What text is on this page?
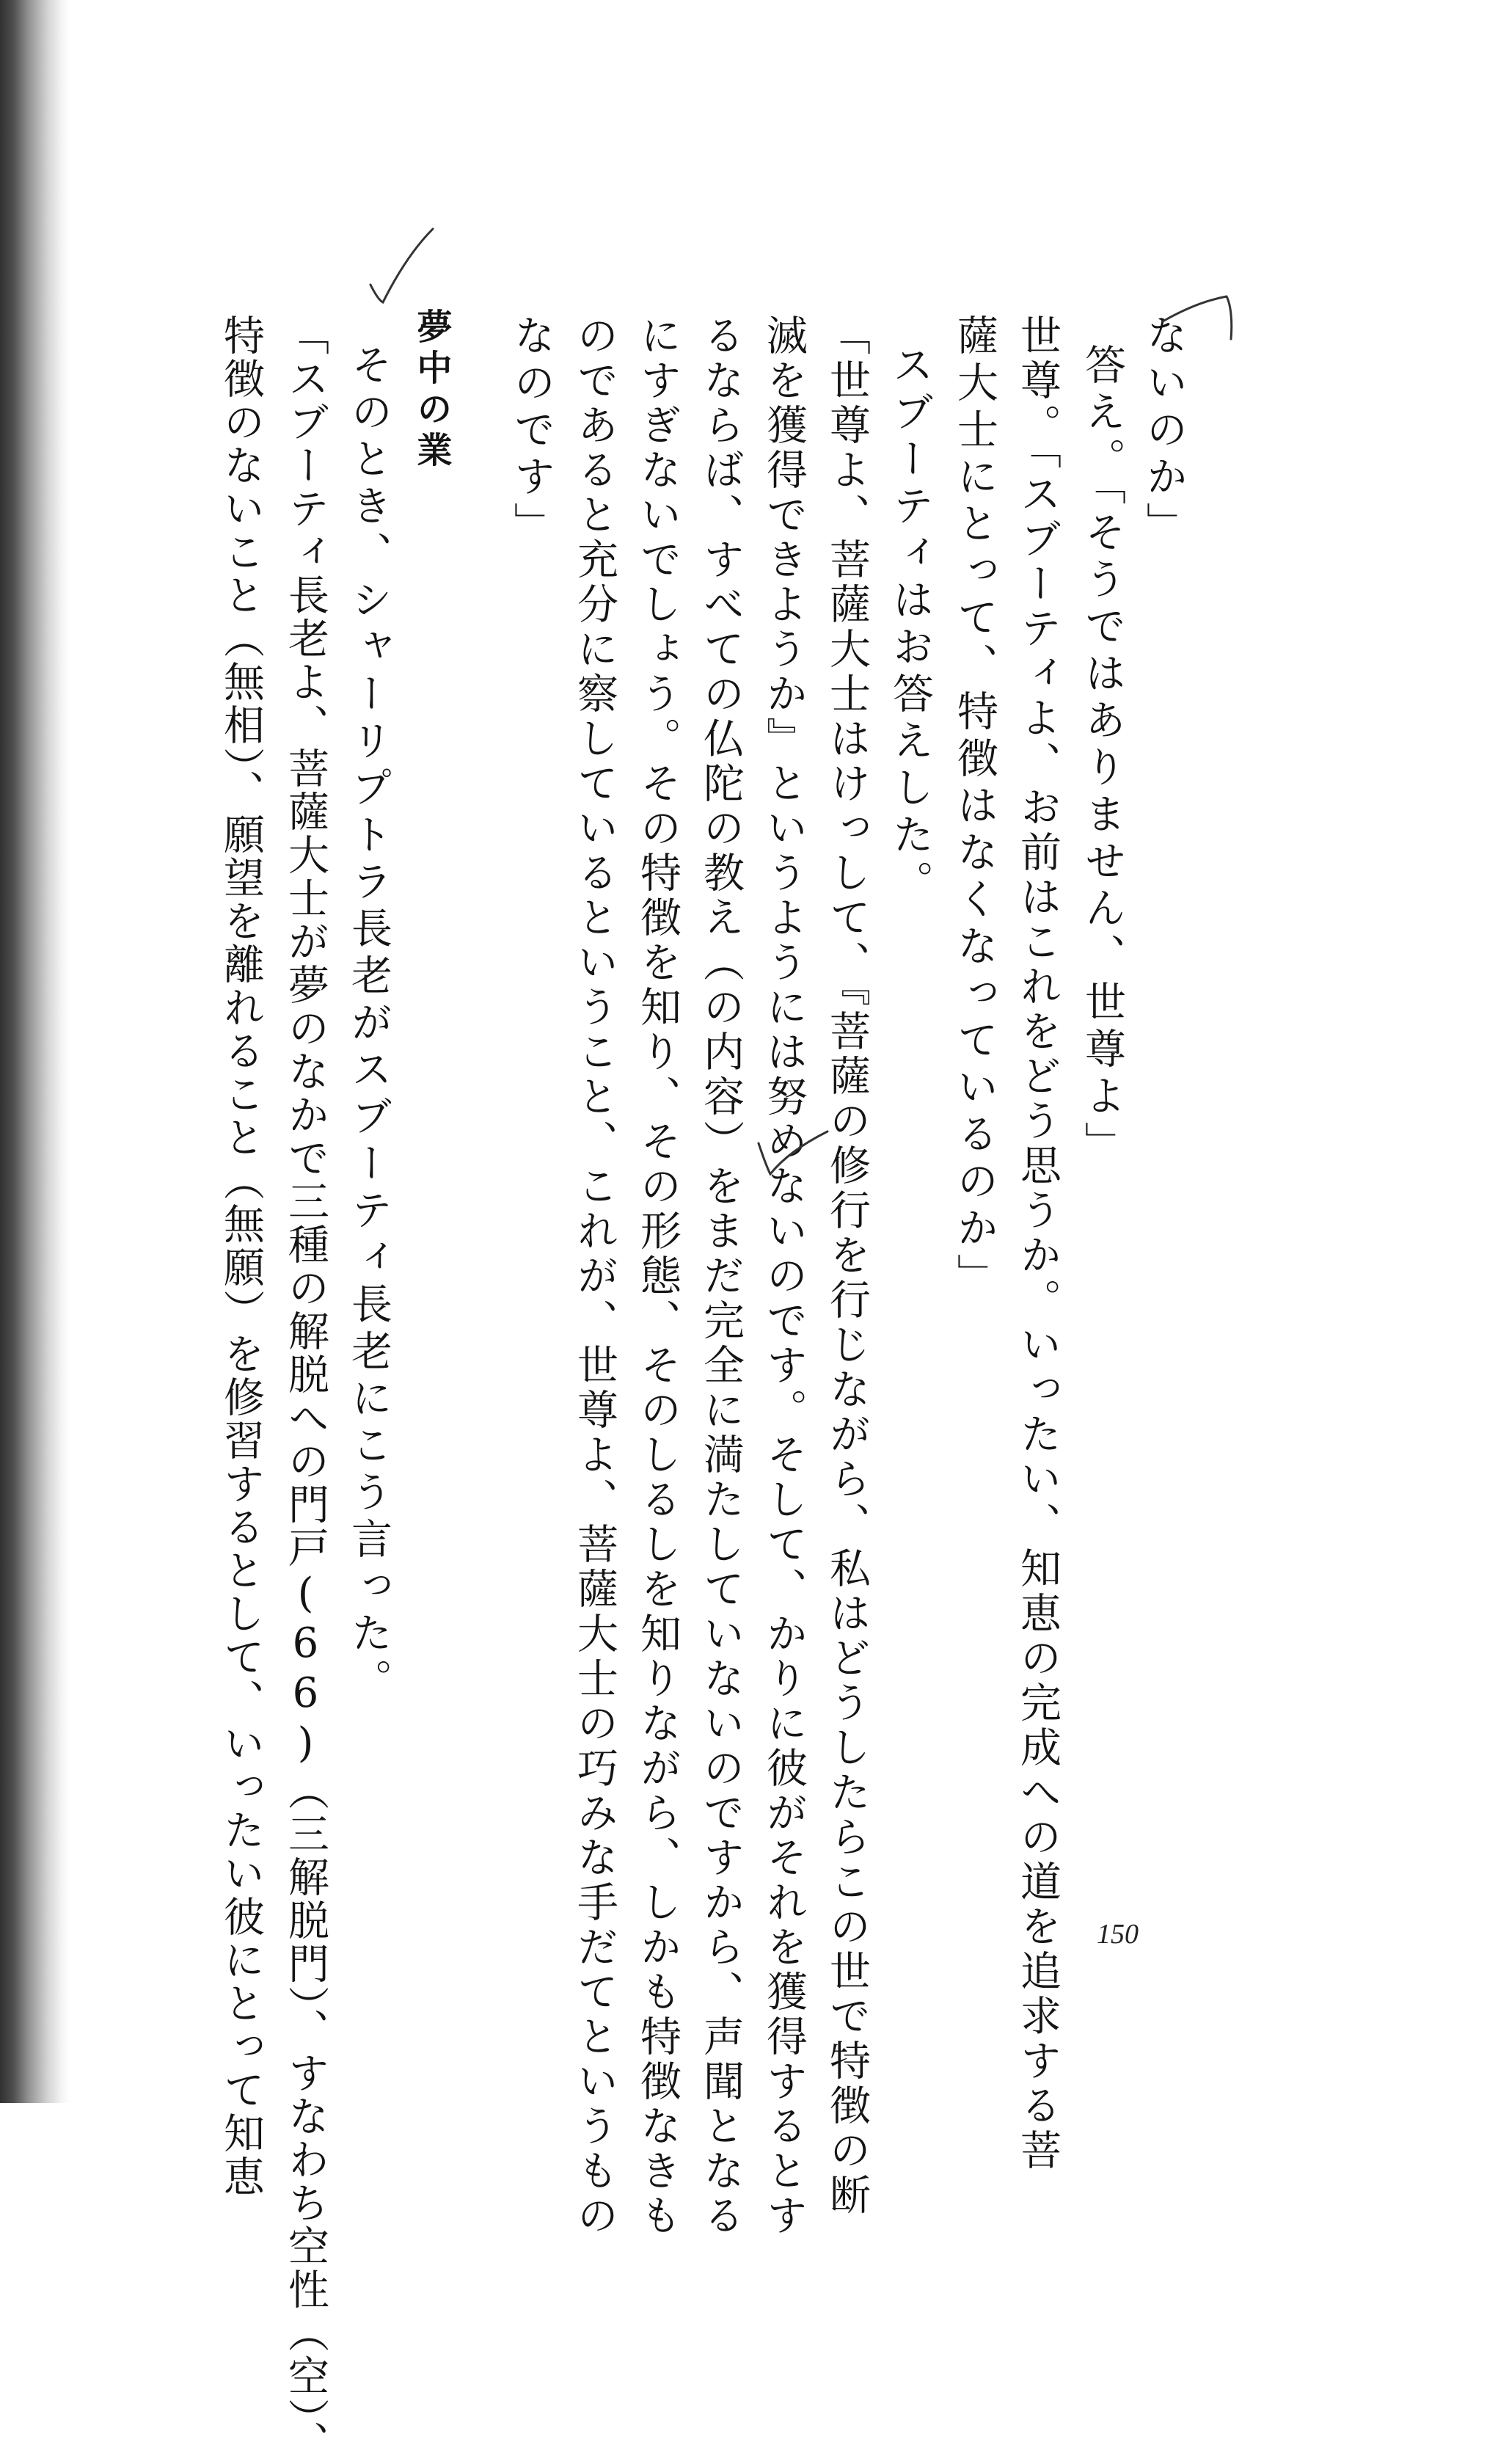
ないのか」
答え。「そうではありません、世尊よ」
世尊。「スブーティよ、お前はこれをどう思うか。いったい、知恵の完成への道を追求する菩
薩大士にとって、特徴はなくなっているのか」
スブーティはお答えした。
「世尊よ、菩薩大士はけっして、『菩薩の修行を行じながら、私はどうしたらこの世で特徴の断
滅を獲得できようか』というようには努めないのです。そして、かりに彼がそれを獲得するとす
るならば、すべての仏陀の教え（の内容）をまだ完全に満たしていないのですから、声聞となる
にすぎないでしょう。その特徴を知り、その形態、そのしるしを知りながら、しかも特徴なきも
のであると充分に察しているということ、これが、世尊よ、菩薩大士の巧みな手だてというもの
なのです」
夢中の業
そのとき、シャーリプトラ長老がスブーティ長老にこう言った。
「スブーティ長老よ、菩薩大士が夢のなかで三種の解脱への門戸(66)（三解脱門）、すなわち空性（空）、
特徴のないこと（無相）、願望を離れること（無願）を修習するとして、いったい彼にとって知恵	150
